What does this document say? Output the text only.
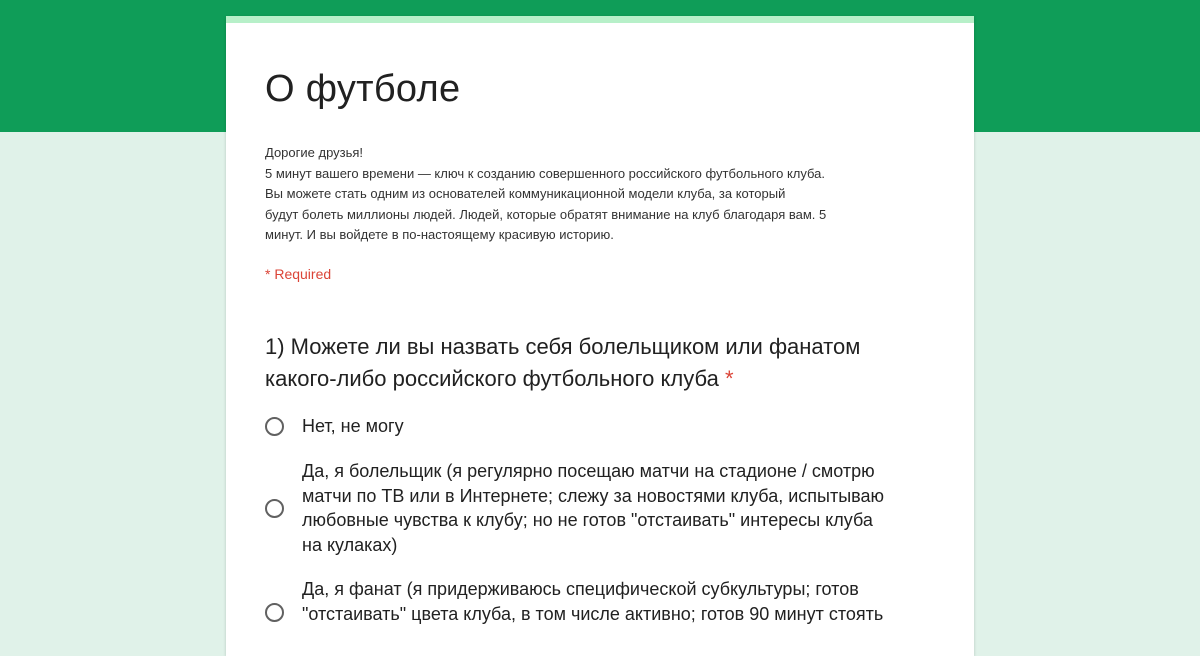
О футболе
Дорогие друзья!
5 минут вашего времени — ключ к созданию совершенного российского футбольного клуба.
Вы можете стать одним из основателей коммуникационной модели клуба, за который
будут болеть миллионы людей. Людей, которые обратят внимание на клуб благодаря вам. 5
минут. И вы войдете в по-настоящему красивую историю.
* Required
1) Можете ли вы назвать себя болельщиком или фанатом
какого-либо российского футбольного клуба *
Нет, не могу
Да, я болельщик (я регулярно посещаю матчи на стадионе / смотрю
матчи по ТВ или в Интернете; слежу за новостями клуба, испытываю
любовные чувства к клубу; но не готов "отстаивать" интересы клуба
на кулаках)
Да, я фанат (я придерживаюсь специфической субкультуры; готов
"отстаивать" цвета клуба, в том числе активно; готов 90 минут стоять
